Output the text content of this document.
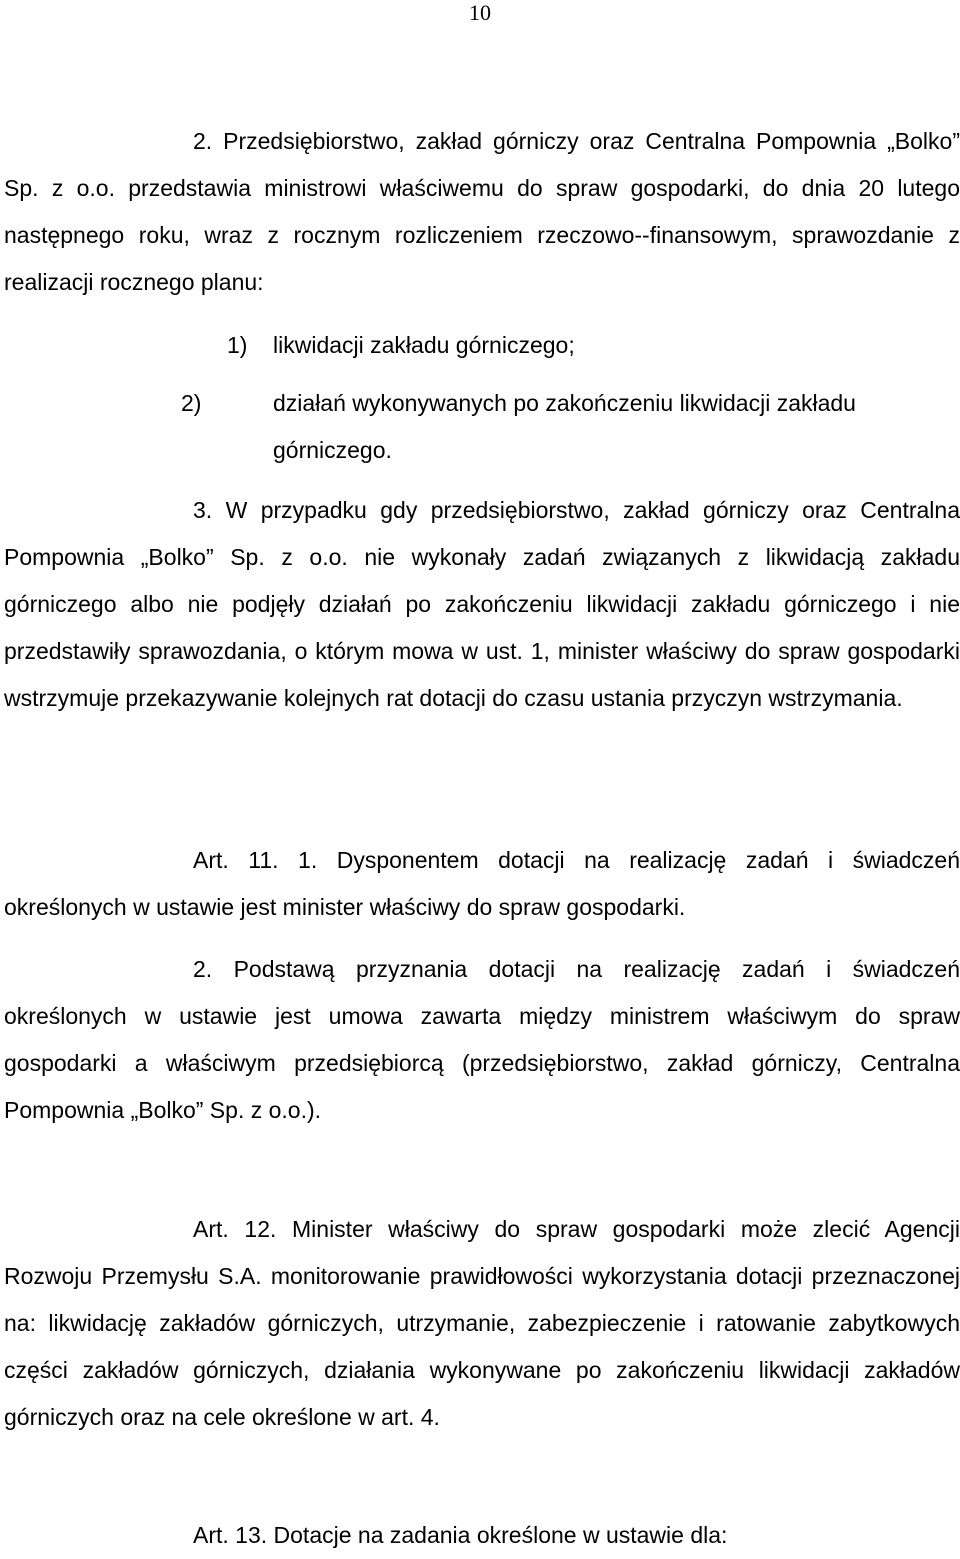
10

2. Przedsiębiorstwo, zakład górniczy oraz Centralna Pompownia „Bolko” Sp. z o.o. przedstawia ministrowi właściwemu do spraw gospodarki, do dnia 20 lutego następnego roku, wraz z rocznym rozliczeniem rzeczowo--finansowym, sprawozdanie z realizacji rocznego planu:

1) likwidacji zakładu górniczego;

2)	działań wykonywanych po zakończeniu likwidacji zakładu górniczego.

3. W przypadku gdy przedsiębiorstwo, zakład górniczy oraz Centralna Pompownia „Bolko” Sp. z o.o. nie wykonały zadań związanych z likwidacją zakładu górniczego albo nie podjęły działań po zakończeniu likwidacji zakładu górniczego i nie przedstawiły sprawozdania, o którym mowa w ust. 1, minister właściwy do spraw gospodarki wstrzymuje przekazywanie kolejnych rat dotacji do czasu ustania przyczyn wstrzymania.

Art. 11. 1. Dysponentem dotacji na realizację zadań i świadczeń określonych w ustawie jest minister właściwy do spraw gospodarki.

2. Podstawą przyznania dotacji na realizację zadań i świadczeń określonych w ustawie jest umowa zawarta między ministrem właściwym do spraw gospodarki a właściwym przedsiębiorcą (przedsiębiorstwo, zakład górniczy, Centralna Pompownia „Bolko” Sp. z o.o.).

Art. 12. Minister właściwy do spraw gospodarki może zlecić Agencji Rozwoju Przemysłu S.A. monitorowanie prawidłowości wykorzystania dotacji przeznaczonej na: likwidację zakładów górniczych, utrzymanie, zabezpieczenie i ratowanie zabytkowych części zakładów górniczych, działania wykonywane po zakończeniu likwidacji zakładów górniczych oraz na cele określone w art. 4.

Art. 13. Dotacje na zadania określone w ustawie dla:
